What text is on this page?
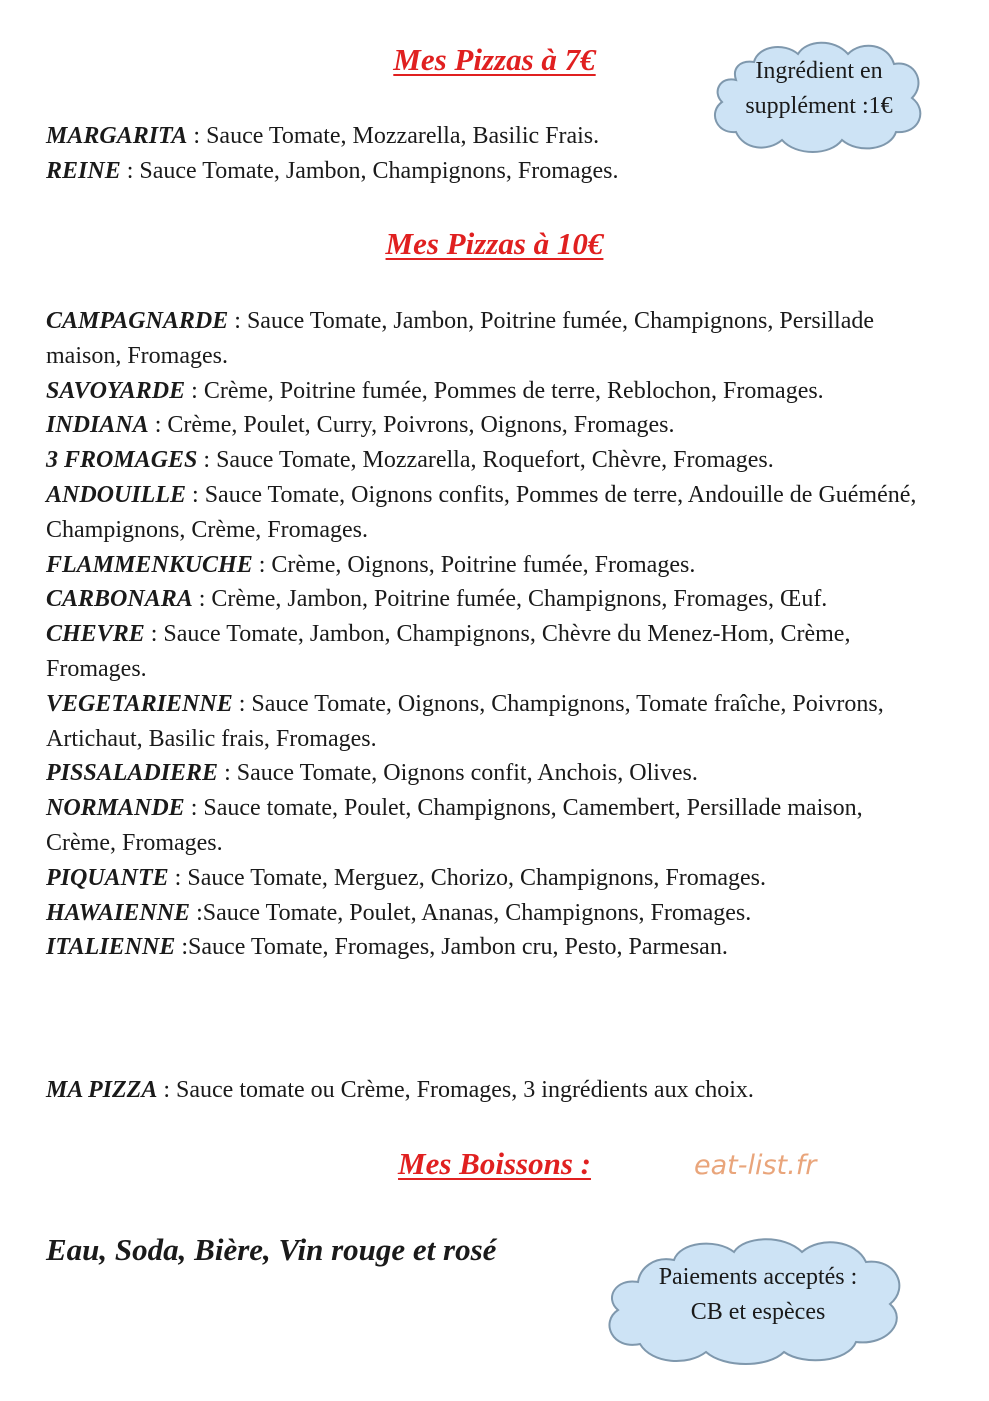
Mes Pizzas à 7€	Ingrédient en
supplément :1€
MARGARITA : Sauce Tomate, Mozzarella, Basilic Frais.
REINE : Sauce Tomate, Jambon, Champignons, Fromages.
Mes Pizzas à 10€
CAMPAGNARDE : Sauce Tomate, Jambon, Poitrine fumée, Champignons, Persillade maison, Fromages.
SAVOYARDE : Crème, Poitrine fumée, Pommes de terre, Reblochon, Fromages.
INDIANA : Crème, Poulet, Curry, Poivrons, Oignons, Fromages.
3 FROMAGES : Sauce Tomate, Mozzarella, Roquefort, Chèvre, Fromages.
ANDOUILLE : Sauce Tomate, Oignons confits, Pommes de terre, Andouille de Guéméné, Champignons, Crème, Fromages.
FLAMMENKUCHE : Crème, Oignons, Poitrine fumée, Fromages.
CARBONARA : Crème, Jambon, Poitrine fumée, Champignons, Fromages, Œuf.
CHEVRE : Sauce Tomate, Jambon, Champignons, Chèvre du Menez-Hom, Crème, Fromages.
VEGETARIENNE : Sauce Tomate, Oignons, Champignons, Tomate fraîche, Poivrons, Artichaut, Basilic frais, Fromages.
PISSALADIERE : Sauce Tomate, Oignons confit, Anchois, Olives.
NORMANDE : Sauce tomate, Poulet, Champignons, Camembert, Persillade maison, Crème, Fromages.
PIQUANTE : Sauce Tomate, Merguez, Chorizo, Champignons, Fromages.
HAWAIENNE :Sauce Tomate, Poulet, Ananas, Champignons, Fromages.
ITALIENNE :Sauce Tomate, Fromages, Jambon cru, Pesto, Parmesan.
MA PIZZA : Sauce tomate ou Crème, Fromages, 3 ingrédients aux choix.
Mes Boissons :	eat-list.fr

Eau, Soda, Bière, Vin rouge et rosé

Paiements acceptés :
CB et espèces
